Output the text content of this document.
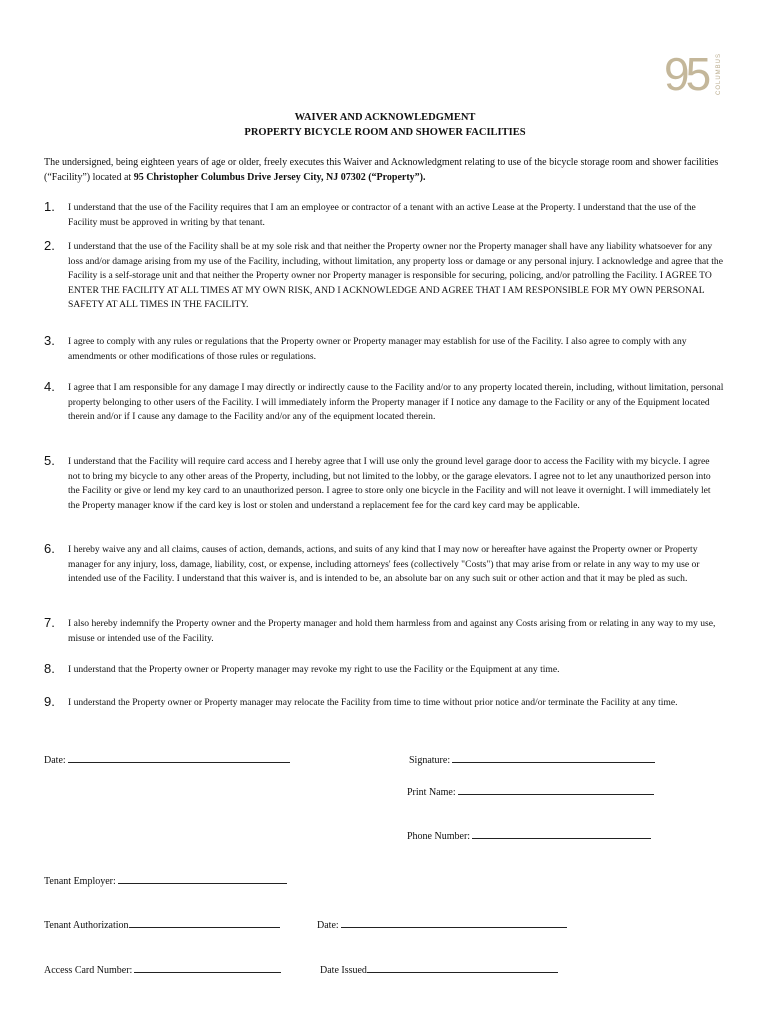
95 COLUMBUS
WAIVER AND ACKNOWLEDGMENT
PROPERTY BICYCLE ROOM AND SHOWER FACILITIES
The undersigned, being eighteen years of age or older, freely executes this Waiver and Acknowledgment relating to use of the bicycle storage room and shower facilities (“Facility”) located at 95 Christopher Columbus Drive Jersey City, NJ 07302 (“Property”).
1. I understand that the use of the Facility requires that I am an employee or contractor of a tenant with an active Lease at the Property. I understand that the use of the Facility must be approved in writing by that tenant.
2. I understand that the use of the Facility shall be at my sole risk and that neither the Property owner nor the Property manager shall have any liability whatsoever for any loss and/or damage arising from my use of the Facility, including, without limitation, any property loss or damage or any personal injury. I acknowledge and agree that the Facility is a self-storage unit and that neither the Property owner nor Property manager is responsible for securing, policing, and/or patrolling the Facility. I AGREE TO ENTER THE FACILITY AT ALL TIMES AT MY OWN RISK, AND I ACKNOWLEDGE AND AGREE THAT I AM RESPONSIBLE FOR MY OWN PERSONAL SAFETY AT ALL TIMES IN THE FACILITY.
3. I agree to comply with any rules or regulations that the Property owner or Property manager may establish for use of the Facility. I also agree to comply with any amendments or other modifications of those rules or regulations.
4. I agree that I am responsible for any damage I may directly or indirectly cause to the Facility and/or to any property located therein, including, without limitation, personal property belonging to other users of the Facility. I will immediately inform the Property manager if I notice any damage to the Facility or any of the Equipment located therein and/or if I cause any damage to the Facility and/or any of the equipment located therein.
5. I understand that the Facility will require card access and I hereby agree that I will use only the ground level garage door to access the Facility with my bicycle. I agree not to bring my bicycle to any other areas of the Property, including, but not limited to the lobby, or the garage elevators. I agree not to let any unauthorized person into the Facility or give or lend my key card to an unauthorized person. I agree to store only one bicycle in the Facility and will not leave it overnight. I will immediately let the Property manager know if the card key is lost or stolen and understand a replacement fee for the card key card may be applicable.
6. I hereby waive any and all claims, causes of action, demands, actions, and suits of any kind that I may now or hereafter have against the Property owner or Property manager for any injury, loss, damage, liability, cost, or expense, including attorneys' fees (collectively "Costs") that may arise from or relate in any way to my use or intended use of the Facility. I understand that this waiver is, and is intended to be, an absolute bar on any such suit or other action and that it may be pled as such.
7. I also hereby indemnify the Property owner and the Property manager and hold them harmless from and against any Costs arising from or relating in any way to my use, misuse or intended use of the Facility.
8. I understand that the Property owner or Property manager may revoke my right to use the Facility or the Equipment at any time.
9. I understand the Property owner or Property manager may relocate the Facility from time to time without prior notice and/or terminate the Facility at any time.
Date:	Signature:
Print Name:
Phone Number:
Tenant Employer:
Tenant Authorization	Date:
Access Card Number:	Date Issued
